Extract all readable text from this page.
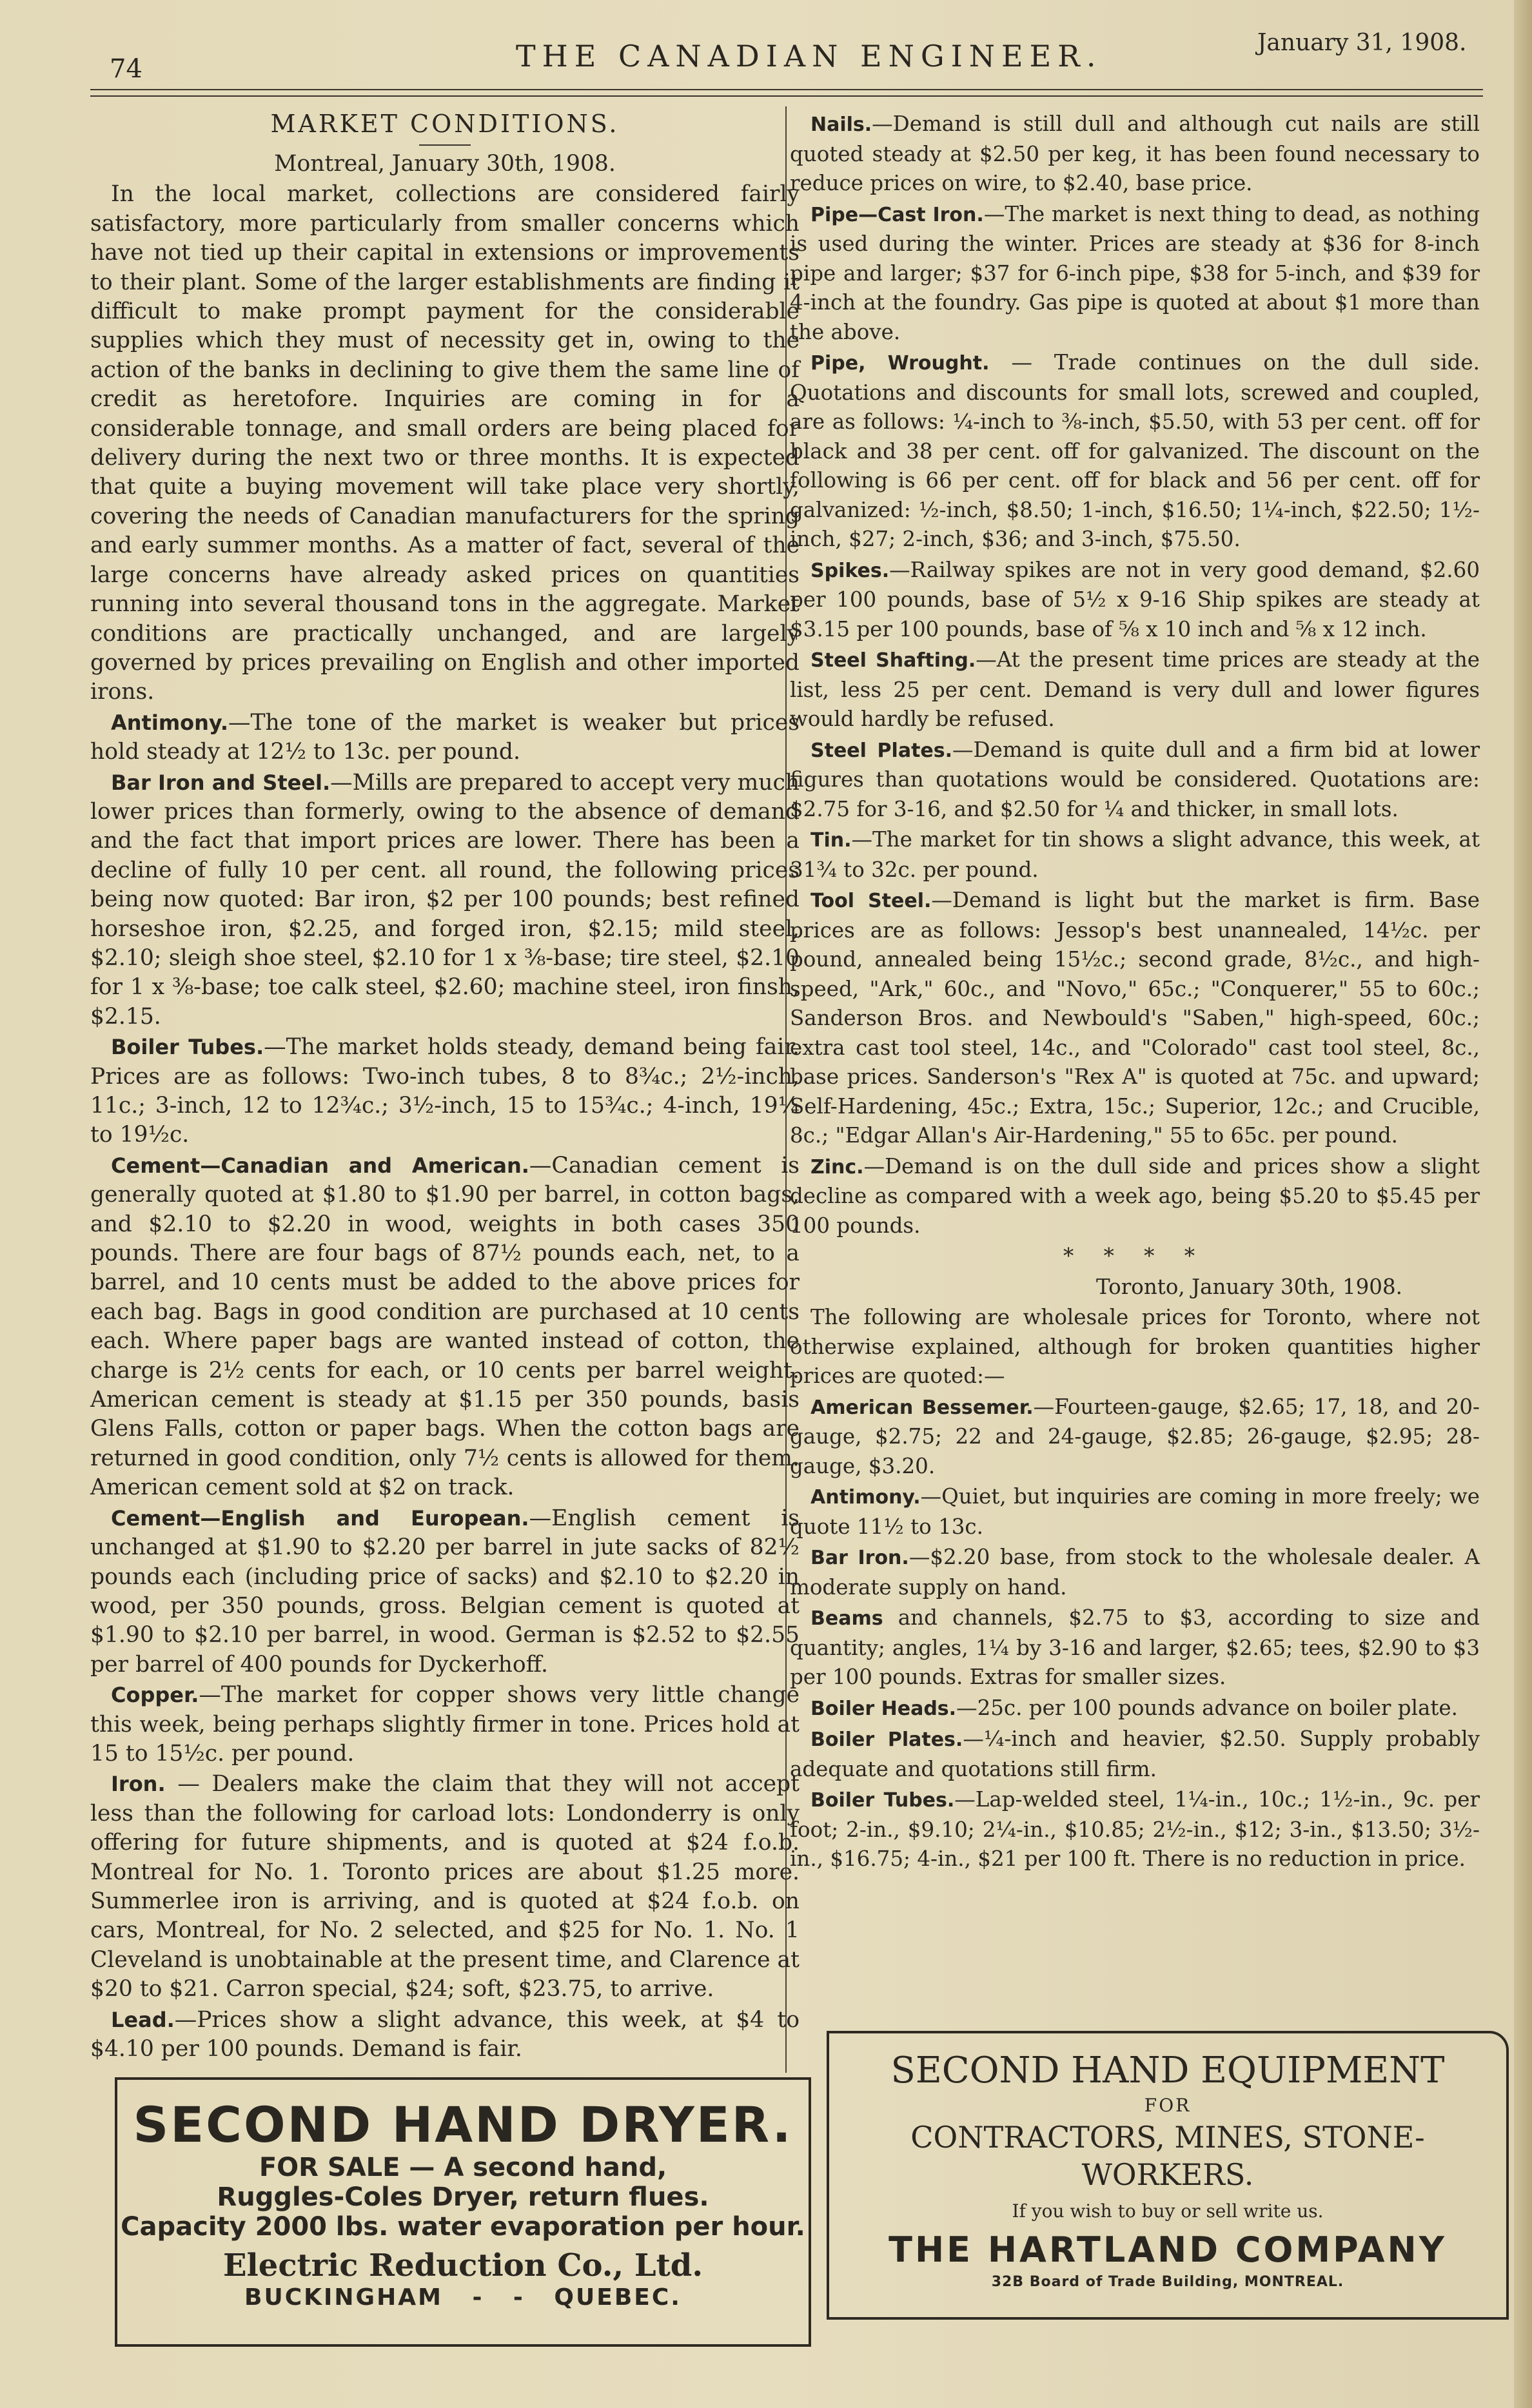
74	THE CANADIAN ENGINEER.	January 31, 1908.
MARKET CONDITIONS.

Montreal, January 30th, 1908.

In the local market, collections are considered fairly satisfactory, more particularly from smaller concerns which have not tied up their capital in extensions or improvements to their plant. Some of the larger establishments are finding it difficult to make prompt payment for the considerable supplies which they must of necessity get in, owing to the action of the banks in declining to give them the same line of credit as heretofore. Inquiries are coming in for a considerable tonnage, and small orders are being placed for delivery during the next two or three months. It is expected that quite a buying movement will take place very shortly, covering the needs of Canadian manufacturers for the spring and early summer months. As a matter of fact, several of the large concerns have already asked prices on quantities running into several thousand tons in the aggregate. Market conditions are practically unchanged, and are largely governed by prices prevailing on English and other imported irons.

Antimony.—The tone of the market is weaker but prices hold steady at 12½ to 13c. per pound.

Bar Iron and Steel.—Mills are prepared to accept very much lower prices than formerly, owing to the absence of demand and the fact that import prices are lower. There has been a decline of fully 10 per cent. all round, the following prices being now quoted: Bar iron, $2 per 100 pounds; best refined horseshoe iron, $2.25, and forged iron, $2.15; mild steel, $2.10; sleigh shoe steel, $2.10 for 1 x ⅜-base; tire steel, $2.10 for 1 x ⅜-base; toe calk steel, $2.60; machine steel, iron finsh, $2.15.

Boiler Tubes.—The market holds steady, demand being fair. Prices are as follows: Two-inch tubes, 8 to 8¾c.; 2½-inch, 11c.; 3-inch, 12 to 12¾c.; 3½-inch, 15 to 15¾c.; 4-inch, 19¼ to 19½c.

Cement—Canadian and American.—Canadian cement is generally quoted at $1.80 to $1.90 per barrel, in cotton bags, and $2.10 to $2.20 in wood, weights in both cases 350 pounds. There are four bags of 87½ pounds each, net, to a barrel, and 10 cents must be added to the above prices for each bag. Bags in good condition are purchased at 10 cents each. Where paper bags are wanted instead of cotton, the charge is 2½ cents for each, or 10 cents per barrel weight. American cement is steady at $1.15 per 350 pounds, basis Glens Falls, cotton or paper bags. When the cotton bags are returned in good condition, only 7½ cents is allowed for them. American cement sold at $2 on track.

Cement—English and European.—English cement is unchanged at $1.90 to $2.20 per barrel in jute sacks of 82½ pounds each (including price of sacks) and $2.10 to $2.20 in wood, per 350 pounds, gross. Belgian cement is quoted at $1.90 to $2.10 per barrel, in wood. German is $2.52 to $2.55 per barrel of 400 pounds for Dyckerhoff.

Copper.—The market for copper shows very little change this week, being perhaps slightly firmer in tone. Prices hold at 15 to 15½c. per pound.

Iron. — Dealers make the claim that they will not accept less than the following for carload lots: Londonderry is only offering for future shipments, and is quoted at $24 f.o.b. Montreal for No. 1. Toronto prices are about $1.25 more. Summerlee iron is arriving, and is quoted at $24 f.o.b. on cars, Montreal, for No. 2 selected, and $25 for No. 1. No. 1 Cleveland is unobtainable at the present time, and Clarence at $20 to $21. Carron special, $24; soft, $23.75, to arrive.

Lead.—Prices show a slight advance, this week, at $4 to $4.10 per 100 pounds. Demand is fair.

Nails.—Demand is still dull and although cut nails are still quoted steady at $2.50 per keg, it has been found necessary to reduce prices on wire, to $2.40, base price.

Pipe—Cast Iron.—The market is next thing to dead, as nothing is used during the winter. Prices are steady at $36 for 8-inch pipe and larger; $37 for 6-inch pipe, $38 for 5-inch, and $39 for 4-inch at the foundry. Gas pipe is quoted at about $1 more than the above.

Pipe, Wrought. — Trade continues on the dull side. Quotations and discounts for small lots, screwed and coupled, are as follows: ¼-inch to ⅜-inch, $5.50, with 53 per cent. off for black and 38 per cent. off for galvanized. The discount on the following is 66 per cent. off for black and 56 per cent. off for galvanized: ½-inch, $8.50; 1-inch, $16.50; 1¼-inch, $22.50; 1½-inch, $27; 2-inch, $36; and 3-inch, $75.50.

Spikes.—Railway spikes are not in very good demand, $2.60 per 100 pounds, base of 5½ x 9-16 Ship spikes are steady at $3.15 per 100 pounds, base of ⅝ x 10 inch and ⅝ x 12 inch.

Steel Shafting.—At the present time prices are steady at the list, less 25 per cent. Demand is very dull and lower figures would hardly be refused.

Steel Plates.—Demand is quite dull and a firm bid at lower figures than quotations would be considered. Quotations are: $2.75 for 3-16, and $2.50 for ¼ and thicker, in small lots.

Tin.—The market for tin shows a slight advance, this week, at 31¾ to 32c. per pound.

Tool Steel.—Demand is light but the market is firm. Base prices are as follows: Jessop's best unannealed, 14½c. per pound, annealed being 15½c.; second grade, 8½c., and high-speed, "Ark," 60c., and "Novo," 65c.; "Conquerer," 55 to 60c.; Sanderson Bros. and Newbould's "Saben," high-speed, 60c.; extra cast tool steel, 14c., and "Colorado" cast tool steel, 8c., base prices. Sanderson's "Rex A" is quoted at 75c. and upward; Self-Hardening, 45c.; Extra, 15c.; Superior, 12c.; and Crucible, 8c.; "Edgar Allan's Air-Hardening," 55 to 65c. per pound.

Zinc.—Demand is on the dull side and prices show a slight decline as compared with a week ago, being $5.20 to $5.45 per 100 pounds.

* * * *

Toronto, January 30th, 1908.

The following are wholesale prices for Toronto, where not otherwise explained, although for broken quantities higher prices are quoted:—

American Bessemer.—Fourteen-gauge, $2.65; 17, 18, and 20-gauge, $2.75; 22 and 24-gauge, $2.85; 26-gauge, $2.95; 28-gauge, $3.20.

Antimony.—Quiet, but inquiries are coming in more freely; we quote 11½ to 13c.

Bar Iron.—$2.20 base, from stock to the wholesale dealer. A moderate supply on hand.

Beams and channels, $2.75 to $3, according to size and quantity; angles, 1¼ by 3-16 and larger, $2.65; tees, $2.90 to $3 per 100 pounds. Extras for smaller sizes.

Boiler Heads.—25c. per 100 pounds advance on boiler plate.

Boiler Plates.—¼-inch and heavier, $2.50. Supply probably adequate and quotations still firm.

Boiler Tubes.—Lap-welded steel, 1¼-in., 10c.; 1½-in., 9c. per foot; 2-in., $9.10; 2¼-in., $10.85; 2½-in., $12; 3-in., $13.50; 3½-in., $16.75; 4-in., $21 per 100 ft. There is no reduction in price.

SECOND HAND DRYER.
FOR SALE — A second hand,
Ruggles-Coles Dryer, return flues.
Capacity 2000 lbs. water evaporation per hour.
Electric Reduction Co., Ltd.
BUCKINGHAM - - QUEBEC.
SECOND HAND EQUIPMENT
FOR
CONTRACTORS, MINES, STONE-
WORKERS.
If you wish to buy or sell write us.
THE HARTLAND COMPANY
32B Board of Trade Building, MONTREAL.
